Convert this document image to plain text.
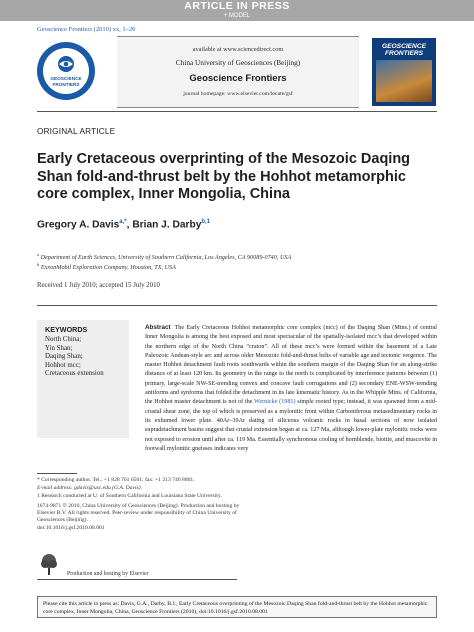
ARTICLE IN PRESS
+ MODEL
Geoscience Frontiers (2010) xx, 1–20
GEOSCIENCE FRONTIERS
available at www.sciencedirect.com
China University of Geosciences (Beijing)
Geoscience Frontiers
journal homepage: www.elsevier.com/locate/gsf
GEOSCIENCE FRONTIERS
ORIGINAL ARTICLE
Early Cretaceous overprinting of the Mesozoic Daqing Shan fold-and-thrust belt by the Hohhot metamorphic core complex, Inner Mongolia, China
Gregory A. Davis$^{a,*}$, Brian J. Darby$^{b,1}$
$^a$ Department of Earth Sciences, University of Southern California, Los Angeles, CA 90089-0740, USA
$^b$ ExxonMobil Exploration Company, Houston, TX, USA
Received 1 July 2010; accepted 15 July 2010
KEYWORDS
North China;
Yin Shan;
Daqing Shan;
Hohhot mcc;
Cretaceous extension
Abstract The Early Cretaceous Hohhot metamorphic core complex (mcc) of the Daqing Shan (Mtns.) of central Inner Mongolia is among the best exposed and most spectacular of the spatially-isolated mcc’s that developed within the northern edge of the North China “craton”. All of these mcc’s were formed within the basement of a Late Paleozoic Andean-style arc and across older Mesozoic fold-and-thrust belts of variable age and tectonic vergence. The master Hohhot detachment fault roots southwards within the southern margin of the Daqing Shan for an along-strike distance of at least 120 km. Its geometry in the range to the north is complicated by interference patterns between (1) primary, large-scale NW-SE-trending convex and concave fault corrugations and (2) secondary ENE-WSW-trending antiforms and synforms that folded the detachment in its late kinematic history. As in the Whipple Mtns. of California, the Hohhot master detachment is not of the Wernicke (1981) simple rooted type; instead, it was spawned from a mid-crustal shear zone, the top of which is preserved as a mylonitic front within Carboniferous metasedimentary rocks in its exhumed lower plate. 40Ar–39Ar dating of siliceous volcanic rocks in basal sections of now isolated supradetachment basins suggest that crustal extension began at ca. 127 Ma, although lower-plate mylonitic rocks were not exposed to erosion until after ca. 119 Ma. Essentially synchronous cooling of hornblende, biotite, and muscovite in footwall mylonitic gneisses indicates very

* Corresponding author. Tel.: +1 828 761 0501; fax: +1 213 740 8801.

E-mail address: gdavis@usc.edu (G.A. Davis).

1 Research conducted at U. of Southern California and Louisiana State University.

1674-9871 © 2010, China University of Geosciences (Beijing). Production and hosting by Elsevier B.V. All rights reserved. Peer-review under responsibility of China University of Geosciences (Beijing).

doi:10.1016/j.gsf.2010.08.001

Production and hosting by Elsevier
Please cite this article in press as: Davis, G.A., Darby, B.J., Early Cretaceous overprinting of the Mesozoic Daqing Shan fold-and-thrust belt by the Hohhot metamorphic core complex, Inner Mongolia, China, Geoscience Frontiers (2010), doi:10.1016/j.gsf.2010.08.001
